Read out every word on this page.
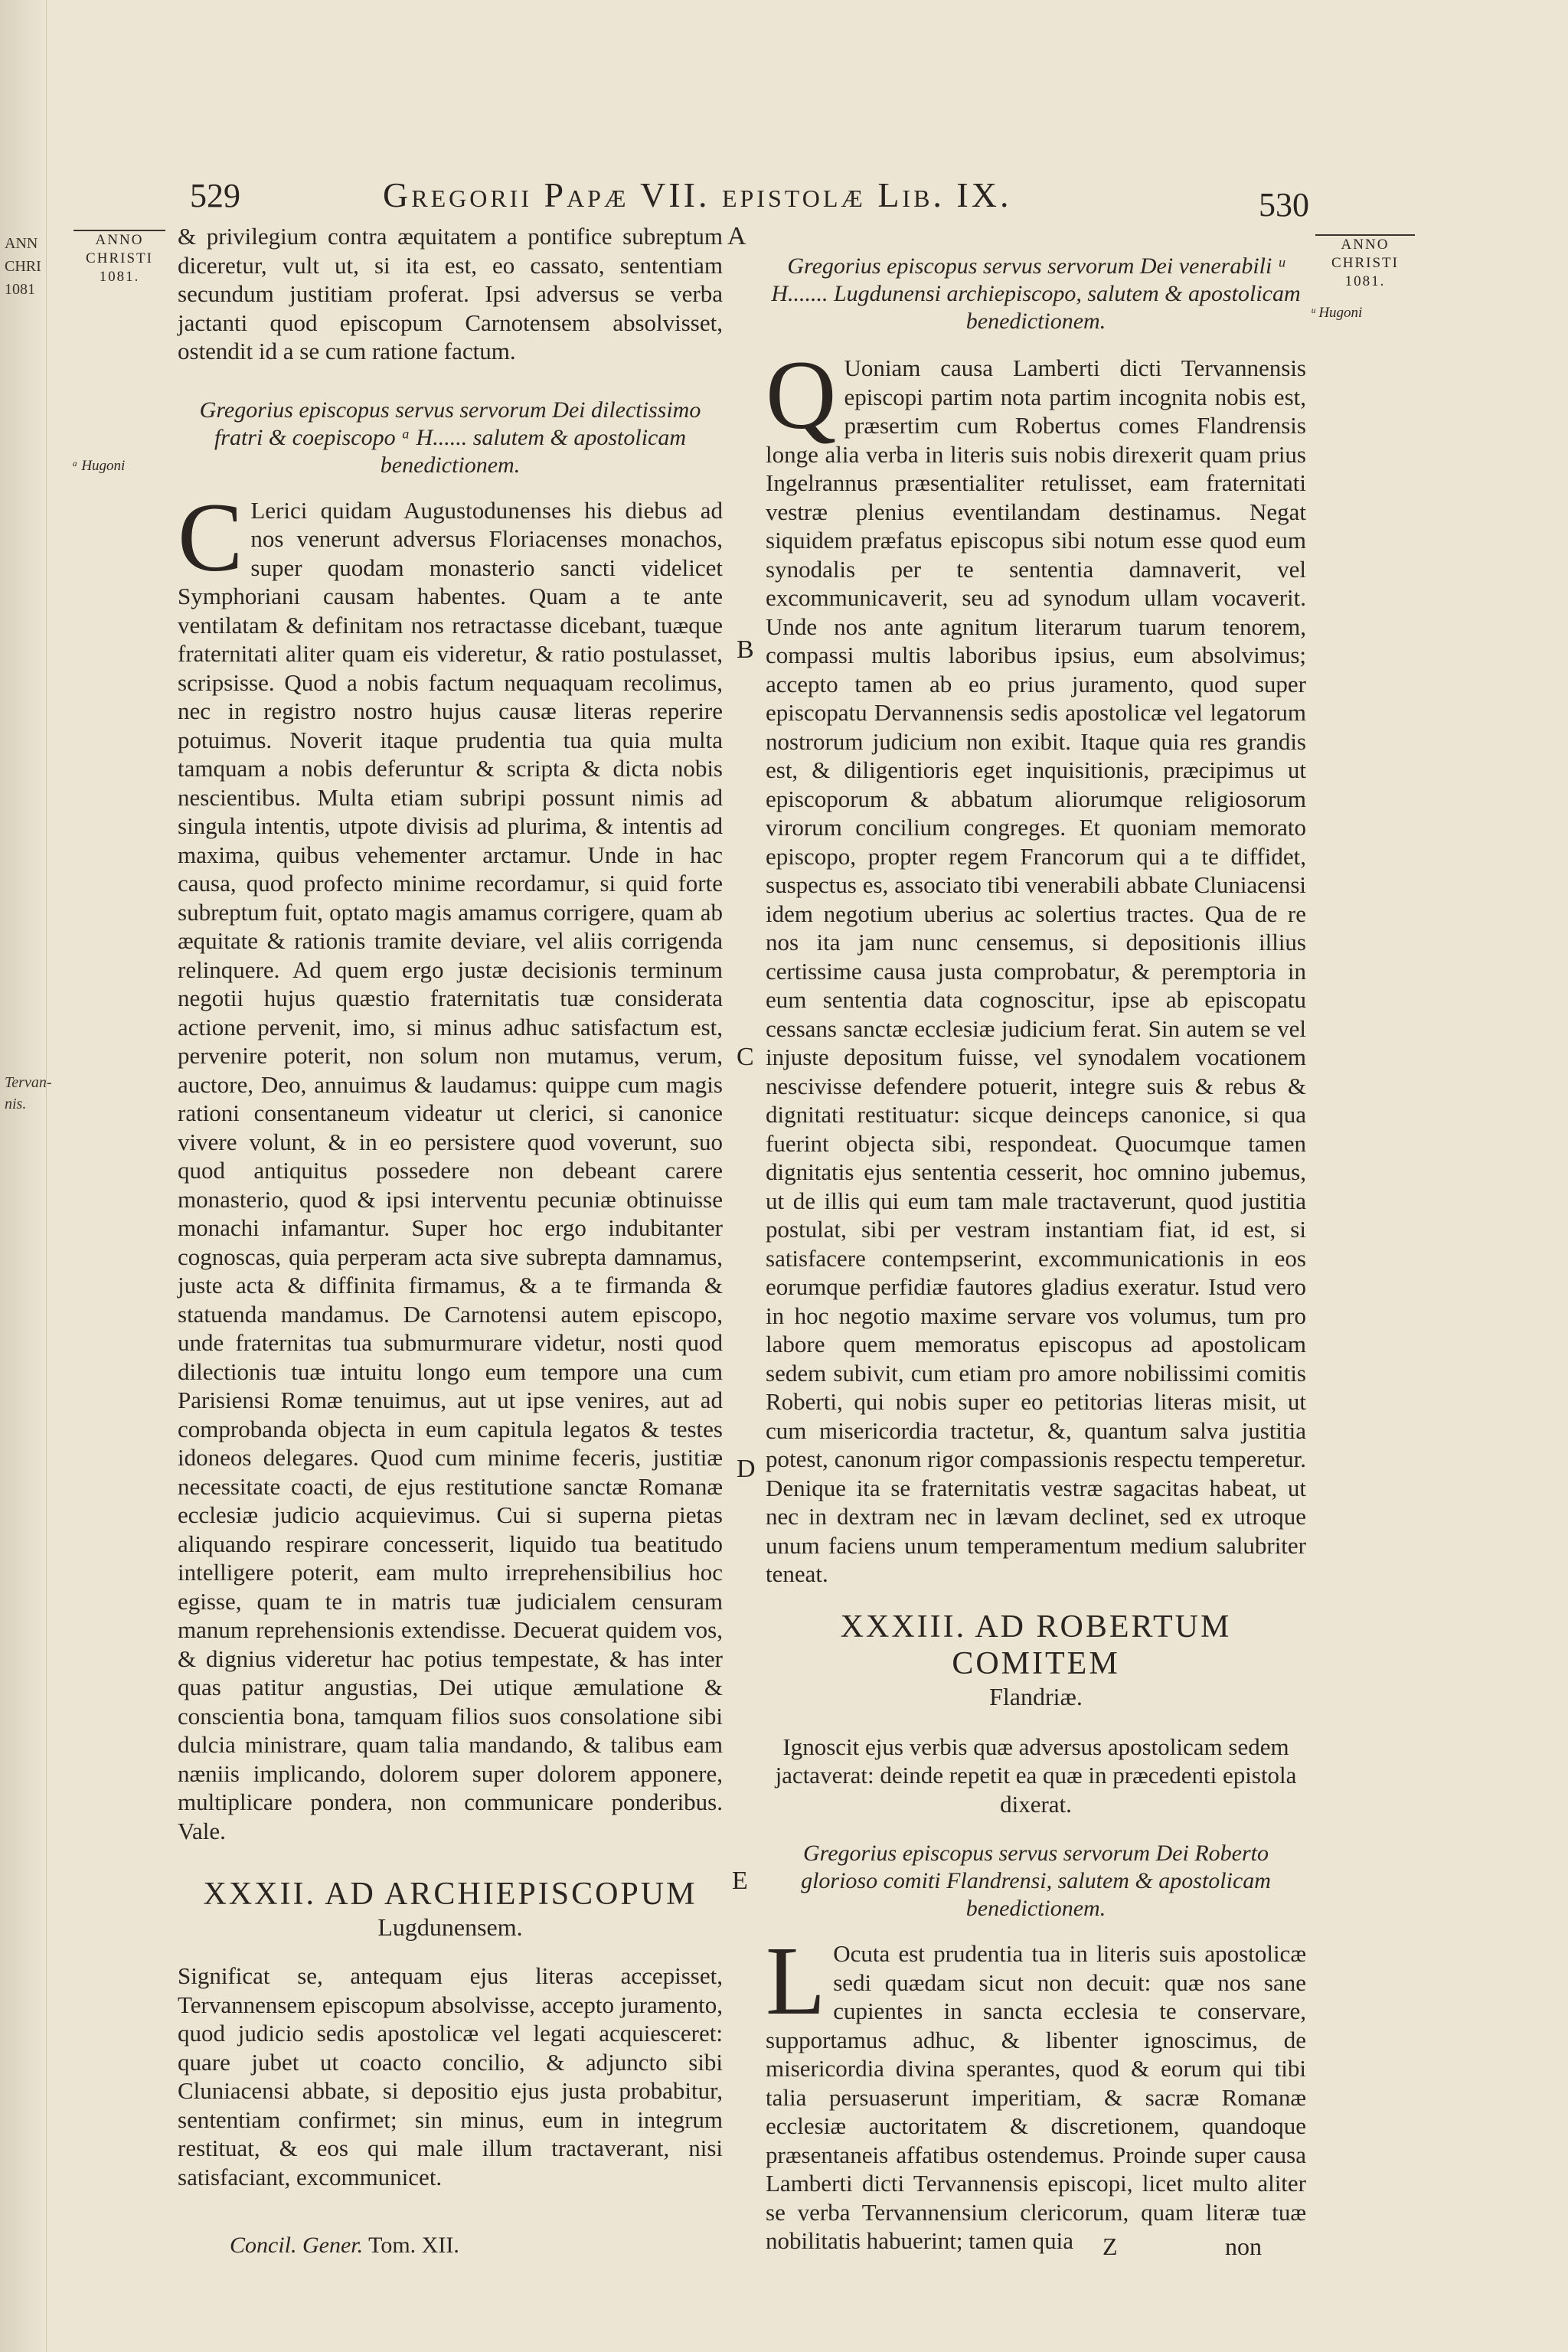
ANN
CHRI
1081
Tervan-
nis.
529	Gregorii Papæ VII. epistolæ Lib. IX.	530
ANNO
CHRISTI
1081.
ANNO
CHRISTI
1081.
ᵃ Hugoni
ᵘ Hugoni
A
B
C
D
E

& privilegium contra æquitatem a pontifice subreptum diceretur, vult ut, si ita est, eo cassato, sententiam secundum justitiam proferat. Ipsi adversus se verba jactanti quod episcopum Carnotensem absolvisset, ostendit id a se cum ratione factum.

Gregorius episcopus servus servorum Dei dilectissimo fratri & coepiscopo ᵃ H...... salutem & apostolicam benedictionem.

C Lerici quidam Augustodunenses his diebus ad nos venerunt adversus Floriacenses monachos, super quodam monasterio sancti videlicet Symphoriani causam habentes. Quam a te ante ventilatam & definitam nos retractasse dicebant, tuæque fraternitati aliter quam eis videretur, & ratio postulasset, scripsisse. Quod a nobis factum nequaquam recolimus, nec in registro nostro hujus causæ literas reperire potuimus. Noverit itaque prudentia tua quia multa tamquam a nobis deferuntur & scripta & dicta nobis nescientibus. Multa etiam subripi possunt nimis ad singula intentis, utpote divisis ad plurima, & intentis ad maxima, quibus vehementer arctamur. Unde in hac causa, quod profecto minime recordamur, si quid forte subreptum fuit, optato magis amamus corrigere, quam ab æquitate & rationis tramite deviare, vel aliis corrigenda relinquere. Ad quem ergo justæ decisionis terminum negotii hujus quæstio fraternitatis tuæ considerata actione pervenit, imo, si minus adhuc satisfactum est, pervenire poterit, non solum non mutamus, verum, auctore, Deo, annuimus & laudamus: quippe cum magis rationi consentaneum videatur ut clerici, si canonice vivere volunt, & in eo persistere quod voverunt, suo quod antiquitus possedere non debeant carere monasterio, quod & ipsi interventu pecuniæ obtinuisse monachi infamantur. Super hoc ergo indubitanter cognoscas, quia perperam acta sive subrepta damnamus, juste acta & diffinita firmamus, & a te firmanda & statuenda mandamus. De Carnotensi autem episcopo, unde fraternitas tua submurmurare videtur, nosti quod dilectionis tuæ intuitu longo eum tempore una cum Parisiensi Romæ tenuimus, aut ut ipse venires, aut ad comprobanda objecta in eum capitula legatos & testes idoneos delegares. Quod cum minime feceris, justitiæ necessitate coacti, de ejus restitutione sanctæ Romanæ ecclesiæ judicio acquievimus. Cui si superna pietas aliquando respirare concesserit, liquido tua beatitudo intelligere poterit, eam multo irreprehensibilius hoc egisse, quam te in matris tuæ judicialem censuram manum reprehensionis extendisse. Decuerat quidem vos, & dignius videretur hac potius tempestate, & has inter quas patitur angustias, Dei utique æmulatione & conscientia bona, tamquam filios suos consolatione sibi dulcia ministrare, quam talia mandando, & talibus eam næniis implicando, dolorem super dolorem apponere, multiplicare pondera, non communicare ponderibus. Vale.

XXXII. AD ARCHIEPISCOPUM
Lugdunensem.

Significat se, antequam ejus literas accepisset, Tervannensem episcopum absolvisse, accepto juramento, quod judicio sedis apostolicæ vel legati acquiesceret: quare jubet ut coacto concilio, & adjuncto sibi Cluniacensi abbate, si depositio ejus justa probabitur, sententiam confirmet; sin minus, eum in integrum restituat, & eos qui male illum tractaverant, nisi satisfaciant, excommunicet.

Gregorius episcopus servus servorum Dei venerabili ᵘ H....... Lugdunensi archiepiscopo, salutem & apostolicam benedictionem.

Q Uoniam causa Lamberti dicti Tervannensis episcopi partim nota partim incognita nobis est, præsertim cum Robertus comes Flandrensis longe alia verba in literis suis nobis direxerit quam prius Ingelrannus præsentialiter retulisset, eam fraternitati vestræ plenius eventilandam destinamus. Negat siquidem præfatus episcopus sibi notum esse quod eum synodalis per te sententia damnaverit, vel excommunicaverit, seu ad synodum ullam vocaverit. Unde nos ante agnitum literarum tuarum tenorem, compassi multis laboribus ipsius, eum absolvimus; accepto tamen ab eo prius juramento, quod super episcopatu Dervannensis sedis apostolicæ vel legatorum nostrorum judicium non exibit. Itaque quia res grandis est, & diligentioris eget inquisitionis, præcipimus ut episcoporum & abbatum aliorumque religiosorum virorum concilium congreges. Et quoniam memorato episcopo, propter regem Francorum qui a te diffidet, suspectus es, associato tibi venerabili abbate Cluniacensi idem negotium uberius ac solertius tractes. Qua de re nos ita jam nunc censemus, si depositionis illius certissime causa justa comprobatur, & peremptoria in eum sententia data cognoscitur, ipse ab episcopatu cessans sanctæ ecclesiæ judicium ferat. Sin autem se vel injuste depositum fuisse, vel synodalem vocationem nescivisse defendere potuerit, integre suis & rebus & dignitati restituatur: sicque deinceps canonice, si qua fuerint objecta sibi, respondeat. Quocumque tamen dignitatis ejus sententia cesserit, hoc omnino jubemus, ut de illis qui eum tam male tractaverunt, quod justitia postulat, sibi per vestram instantiam fiat, id est, si satisfacere contempserint, excommunicationis in eos eorumque perfidiæ fautores gladius exeratur. Istud vero in hoc negotio maxime servare vos volumus, tum pro labore quem memoratus episcopus ad apostolicam sedem subivit, cum etiam pro amore nobilissimi comitis Roberti, qui nobis super eo petitorias literas misit, ut cum misericordia tractetur, &, quantum salva justitia potest, canonum rigor compassionis respectu temperetur. Denique ita se fraternitatis vestræ sagacitas habeat, ut nec in dextram nec in lævam declinet, sed ex utroque unum faciens unum temperamentum medium salubriter teneat.

XXXIII. AD ROBERTUM COMITEM
Flandriæ.

Ignoscit ejus verbis quæ adversus apostolicam sedem jactaverat: deinde repetit ea quæ in præcedenti epistola dixerat.

Gregorius episcopus servus servorum Dei Roberto glorioso comiti Flandrensi, salutem & apostolicam benedictionem.

L Ocuta est prudentia tua in literis suis apostolicæ sedi quædam sicut non decuit: quæ nos sane cupientes in sancta ecclesia te conservare, supportamus adhuc, & libenter ignoscimus, de misericordia divina sperantes, quod & eorum qui tibi talia persuaserunt imperitiam, & sacræ Romanæ ecclesiæ auctoritatem & discretionem, quandoque præsentaneis affatibus ostendemus. Proinde super causa Lamberti dicti Tervannensis episcopi, licet multo aliter se verba Tervannensium clericorum, quam literæ tuæ nobilitatis habuerint; tamen quia

Concil. Gener. Tom. XII.	Z	non
